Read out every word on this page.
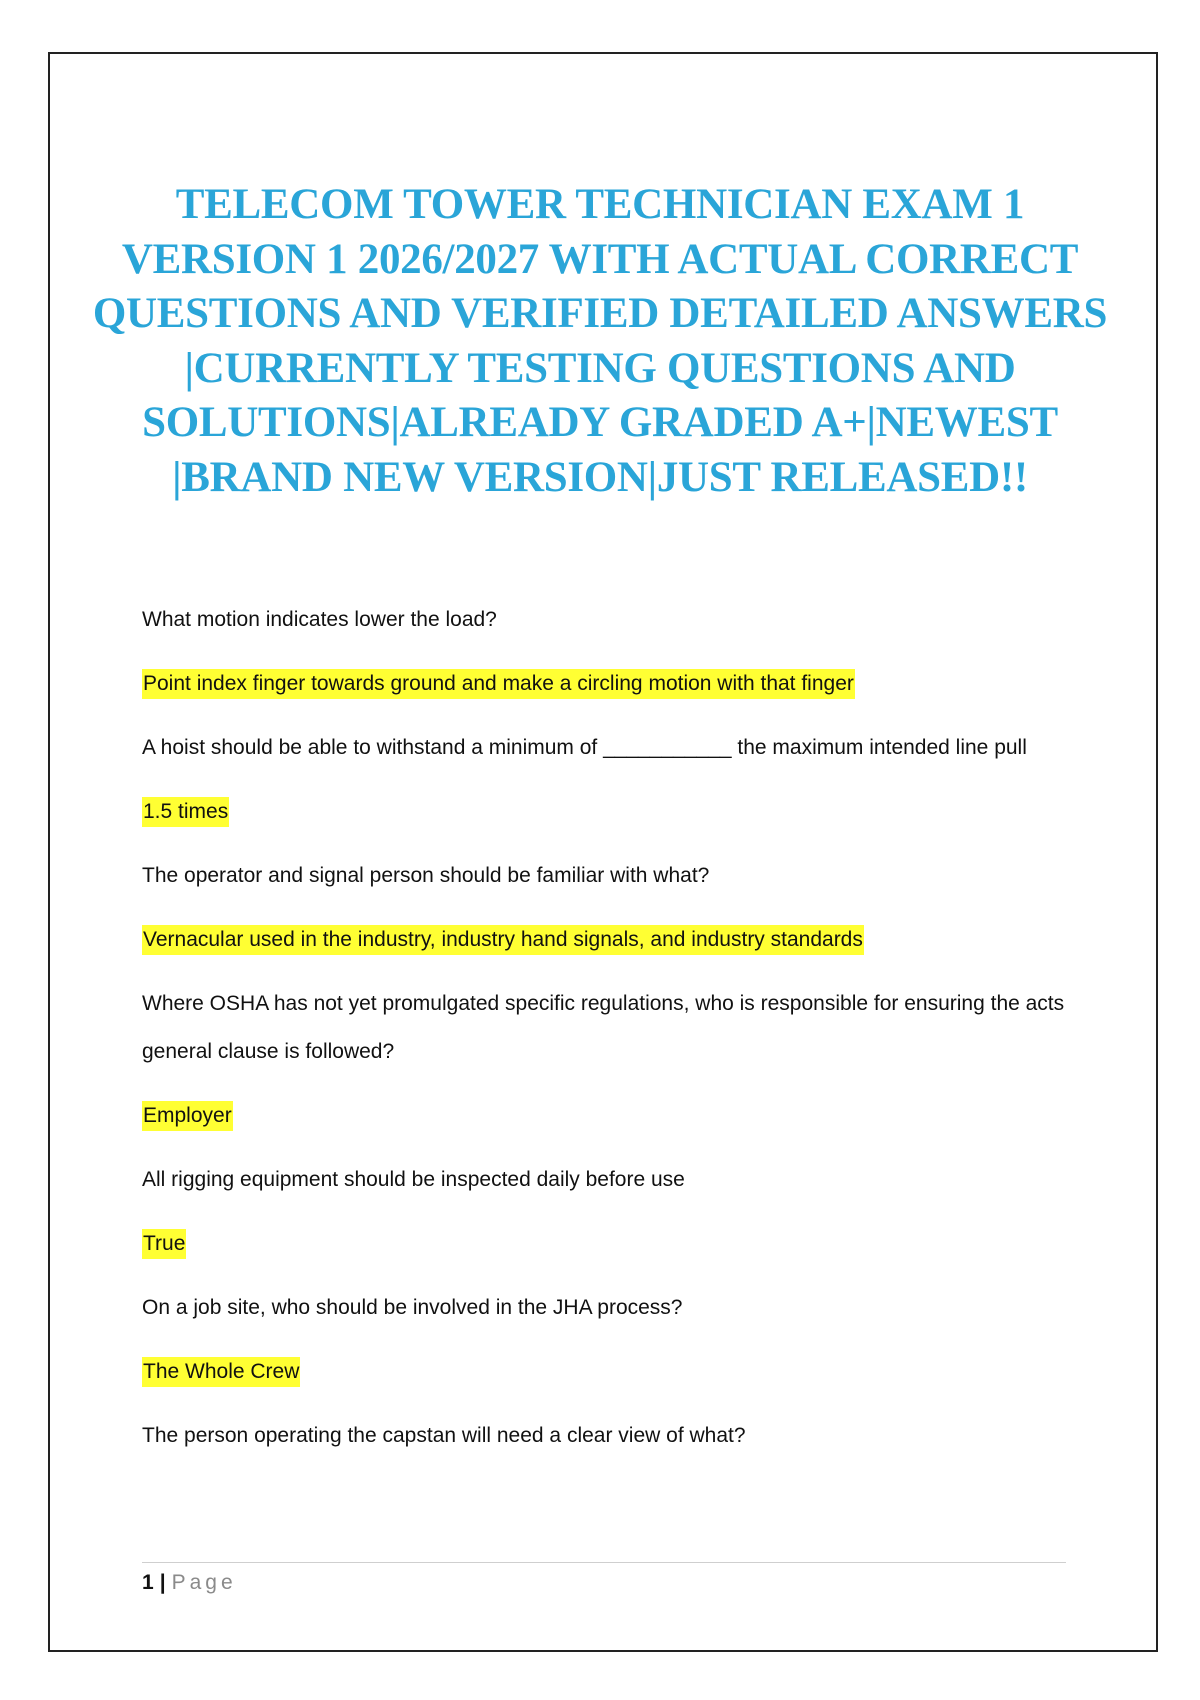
TELECOM TOWER TECHNICIAN EXAM 1 VERSION 1 2026/2027 WITH ACTUAL CORRECT QUESTIONS AND VERIFIED DETAILED ANSWERS |CURRENTLY TESTING QUESTIONS AND SOLUTIONS|ALREADY GRADED A+|NEWEST |BRAND NEW VERSION|JUST RELEASED!!

What motion indicates lower the load?

Point index finger towards ground and make a circling motion with that finger

A hoist should be able to withstand a minimum of ___________ the maximum intended line pull

1.5 times

The operator and signal person should be familiar with what?

Vernacular used in the industry, industry hand signals, and industry standards

Where OSHA has not yet promulgated specific regulations, who is responsible for ensuring the acts general clause is followed?

Employer

All rigging equipment should be inspected daily before use

True

On a job site, who should be involved in the JHA process?

The Whole Crew

The person operating the capstan will need a clear view of what?

1 | Page
